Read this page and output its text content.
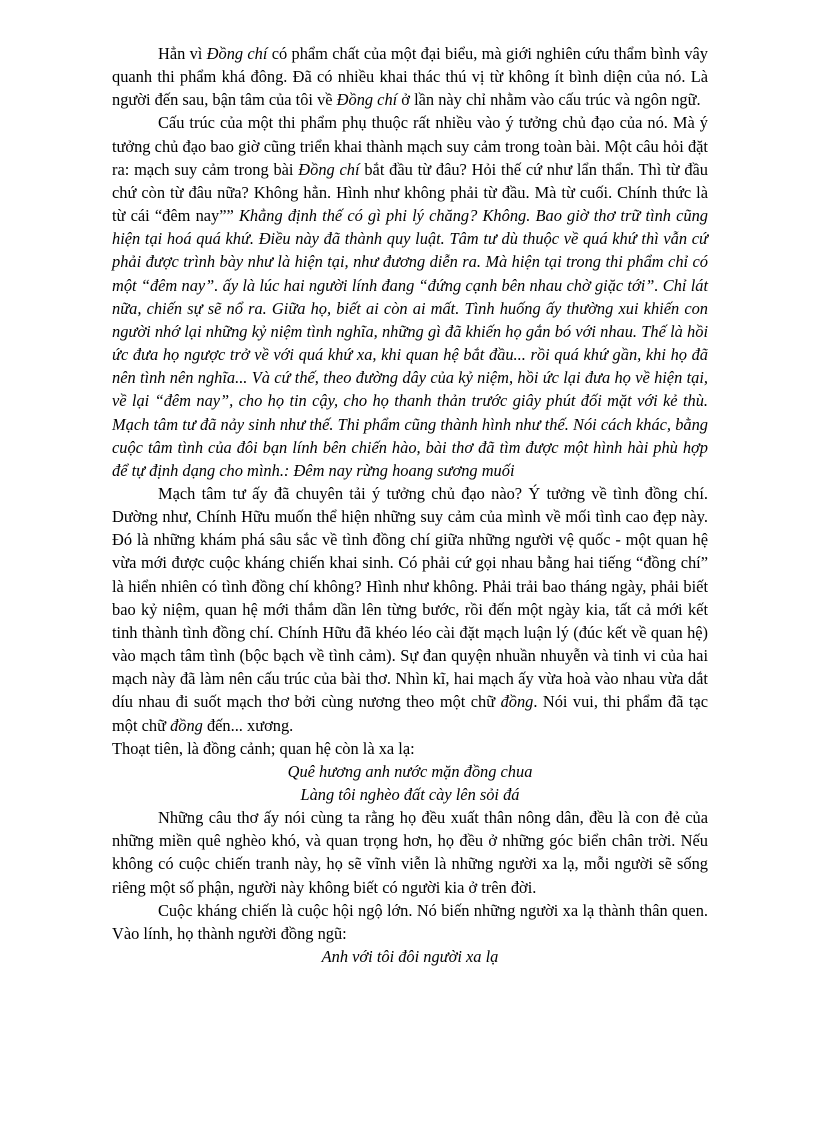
Hẳn vì Đồng chí có phẩm chất của một đại biểu, mà giới nghiên cứu thẩm bình vây quanh thi phẩm khá đông. Đã có nhiều khai thác thú vị từ không ít bình diện của nó. Là người đến sau, bận tâm của tôi về Đồng chí ở lần này chỉ nhằm vào cấu trúc và ngôn ngữ.

Cấu trúc của một thi phẩm phụ thuộc rất nhiều vào ý tưởng chủ đạo của nó. Mà ý tưởng chủ đạo bao giờ cũng triển khai thành mạch suy cảm trong toàn bài. Một câu hỏi đặt ra: mạch suy cảm trong bài Đồng chí bắt đầu từ đâu? Hỏi thế cứ như lẩn thẩn. Thì từ đầu chứ còn từ đâu nữa? Không hẳn. Hình như không phải từ đầu. Mà từ cuối. Chính thức là từ cái “đêm nay”” Khẳng định thế có gì phi lý chăng? Không. Bao giờ thơ trữ tình cũng hiện tại hoá quá khứ. Điều này đã thành quy luật. Tâm tư dù thuộc về quá khứ thì vẫn cứ phải được trình bày như là hiện tại, như đương diễn ra. Mà hiện tại trong thi phẩm chỉ có một “đêm nay”. ấy là lúc hai người lính đang “đứng cạnh bên nhau chờ giặc tới”. Chỉ lát nữa, chiến sự sẽ nổ ra. Giữa họ, biết ai còn ai mất. Tình huống ấy thường xui khiến con người nhớ lại những kỷ niệm tình nghĩa, những gì đã khiến họ gắn bó với nhau. Thế là hồi ức đưa họ ngược trở về với quá khứ xa, khi quan hệ bắt đầu... rồi quá khứ gần, khi họ đã nên tình nên nghĩa... Và cứ thế, theo đường dây của kỷ niệm, hồi ức lại đưa họ về hiện tại, về lại “đêm nay”, cho họ tin cậy, cho họ thanh thản trước giây phút đối mặt với kẻ thù. Mạch tâm tư đã nảy sinh như thế. Thi phẩm cũng thành hình như thế. Nói cách khác, bằng cuộc tâm tình của đôi bạn lính bên chiến hào, bài thơ đã tìm được một hình hài phù hợp để tự định dạng cho mình.: Đêm nay rừng hoang sương muối

Mạch tâm tư ấy đã chuyên tải ý tưởng chủ đạo nào? Ý tưởng về tình đồng chí. Dường như, Chính Hữu muốn thể hiện những suy cảm của mình về mối tình cao đẹp này. Đó là những khám phá sâu sắc về tình đồng chí giữa những người vệ quốc - một quan hệ vừa mới được cuộc kháng chiến khai sinh. Có phải cứ gọi nhau bằng hai tiếng “đồng chí” là hiển nhiên có tình đồng chí không? Hình như không. Phải trải bao tháng ngày, phải biết bao kỷ niệm, quan hệ mới thắm dần lên từng bước, rồi đến một ngày kia, tất cả mới kết tinh thành tình đồng chí. Chính Hữu đã khéo léo cài đặt mạch luận lý (đúc kết về quan hệ) vào mạch tâm tình (bộc bạch về tình cảm). Sự đan quyện nhuần nhuyễn và tinh vi của hai mạch này đã làm nên cấu trúc của bài thơ. Nhìn kĩ, hai mạch ấy vừa hoà vào nhau vừa dắt díu nhau đi suốt mạch thơ bởi cùng nương theo một chữ đồng. Nói vui, thi phẩm đã tạc một chữ đồng đến... xương.

Thoạt tiên, là đồng cảnh; quan hệ còn là xa lạ:

Quê hương anh nước mặn đồng chua

Làng tôi nghèo đất cày lên sỏi đá

Những câu thơ ấy nói cùng ta rằng họ đều xuất thân nông dân, đều là con đẻ của những miền quê nghèo khó, và quan trọng hơn, họ đều ở những góc biển chân trời. Nếu không có cuộc chiến tranh này, họ sẽ vĩnh viễn là những người xa lạ, mỗi người sẽ sống riêng một số phận, người này không biết có người kia ở trên đời.

Cuộc kháng chiến là cuộc hội ngộ lớn. Nó biến những người xa lạ thành thân quen. Vào lính, họ thành người đồng ngũ:

Anh với tôi đôi người xa lạ
